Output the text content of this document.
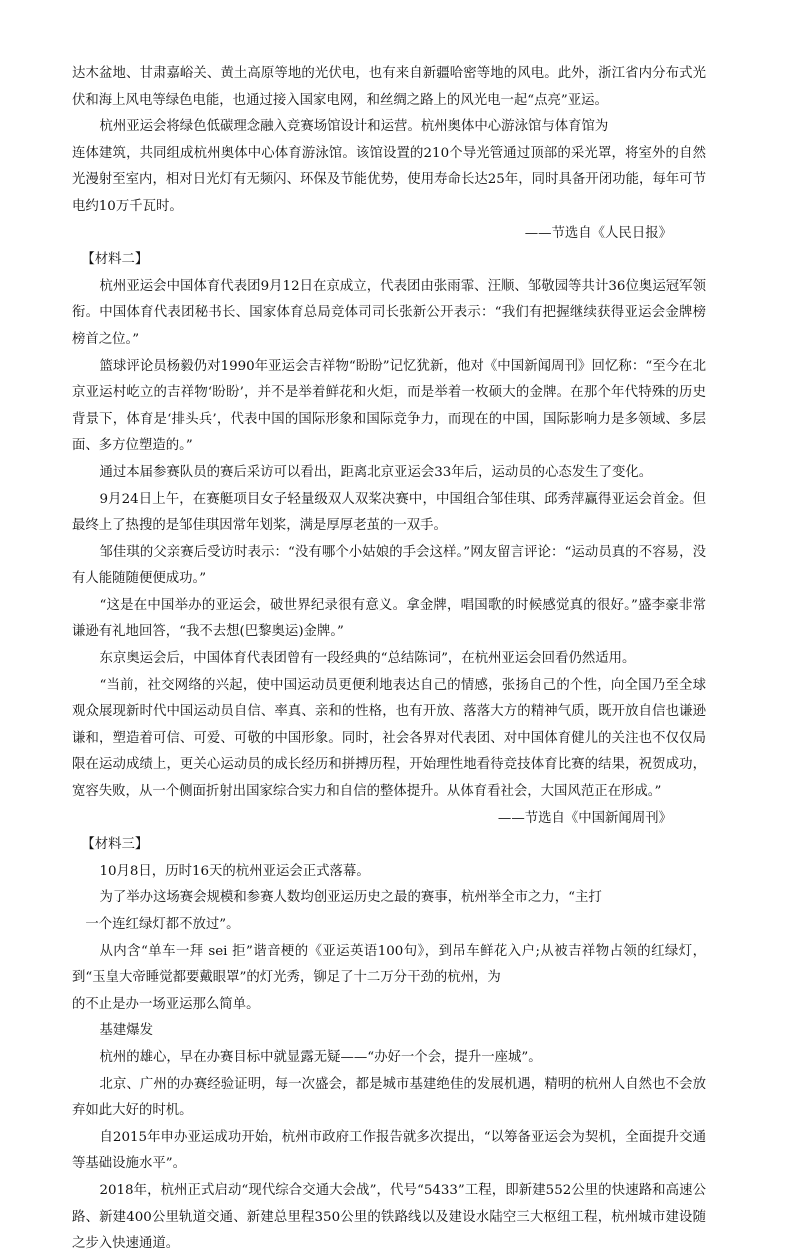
达木盆地、甘肃嘉峪关、黄土高原等地的光伏电，也有来自新疆哈密等地的风电。此外，浙江省内分布式光伏和海上风电等绿色电能，也通过接入国家电网，和丝绸之路上的风光电一起“点亮”亚运。

杭州亚运会将绿色低碳理念融入竞赛场馆设计和运营。杭州奥体中心游泳馆与体育馆为

连体建筑，共同组成杭州奥体中心体育游泳馆。该馆设置的210个导光管通过顶部的采光罩，将室外的自然光漫射至室内，相对日光灯有无频闪、环保及节能优势，使用寿命长达25年，同时具备开闭功能，每年可节电约10万千瓦时。

——节选自《人民日报》

【材料二】

杭州亚运会中国体育代表团9月12日在京成立，代表团由张雨霏、汪顺、邹敬园等共计36位奥运冠军领衔。中国体育代表团秘书长、国家体育总局竞体司司长张新公开表示：“我们有把握继续获得亚运会金牌榜榜首之位。”

篮球评论员杨毅仍对1990年亚运会吉祥物“盼盼”记忆犹新，他对《中国新闻周刊》回忆称：“至今在北京亚运村屹立的吉祥物‘盼盼’，并不是举着鲜花和火炬，而是举着一枚硕大的金牌。在那个年代特殊的历史背景下，体育是‘排头兵’，代表中国的国际形象和国际竞争力，而现在的中国，国际影响力是多领域、多层面、多方位塑造的。”

通过本届参赛队员的赛后采访可以看出，距离北京亚运会33年后，运动员的心态发生了变化。

9月24日上午，在赛艇项目女子轻量级双人双桨决赛中，中国组合邹佳琪、邱秀萍赢得亚运会首金。但最终上了热搜的是邹佳琪因常年划桨，满是厚厚老茧的一双手。

邹佳琪的父亲赛后受访时表示：“没有哪个小姑娘的手会这样。”网友留言评论：“运动员真的不容易，没有人能随随便便成功。”

“这是在中国举办的亚运会，破世界纪录很有意义。拿金牌，唱国歌的时候感觉真的很好。”盛李豪非常谦逊有礼地回答，“我不去想(巴黎奥运)金牌。”

东京奥运会后，中国体育代表团曾有一段经典的“总结陈词”，在杭州亚运会回看仍然适用。

“当前，社交网络的兴起，使中国运动员更便利地表达自己的情感，张扬自己的个性，向全国乃至全球观众展现新时代中国运动员自信、率真、亲和的性格，也有开放、落落大方的精神气质，既开放自信也谦逊谦和，塑造着可信、可爱、可敬的中国形象。同时，社会各界对代表团、对中国体育健儿的关注也不仅仅局限在运动成绩上，更关心运动员的成长经历和拼搏历程，开始理性地看待竞技体育比赛的结果，祝贺成功，宽容失败，从一个侧面折射出国家综合实力和自信的整体提升。从体育看社会，大国风范正在形成。”

——节选自《中国新闻周刊》

【材料三】

10月8日，历时16天的杭州亚运会正式落幕。

为了举办这场赛会规模和参赛人数均创亚运历史之最的赛事，杭州举全市之力，“主打

一个连红绿灯都不放过”。

从内含“单车一拜 sei 拒”谐音梗的《亚运英语100句》，到吊车鲜花入户;从被吉祥物占领的红绿灯，到“玉皇大帝睡觉都要戴眼罩”的灯光秀，铆足了十二万分干劲的杭州，为

的不止是办一场亚运那么简单。

基建爆发

杭州的雄心，早在办赛目标中就显露无疑——“办好一个会，提升一座城”。

北京、广州的办赛经验证明，每一次盛会，都是城市基建绝佳的发展机遇，精明的杭州人自然也不会放弃如此大好的时机。

自2015年申办亚运成功开始，杭州市政府工作报告就多次提出，“以筹备亚运会为契机，全面提升交通等基础设施水平”。

2018年，杭州正式启动“现代综合交通大会战”，代号“5433”工程，即新建552公里的快速路和高速公路、新建400公里轨道交通、新建总里程350公里的铁路线以及建设水陆空三大枢纽工程，杭州城市建设随之步入快速通道。
